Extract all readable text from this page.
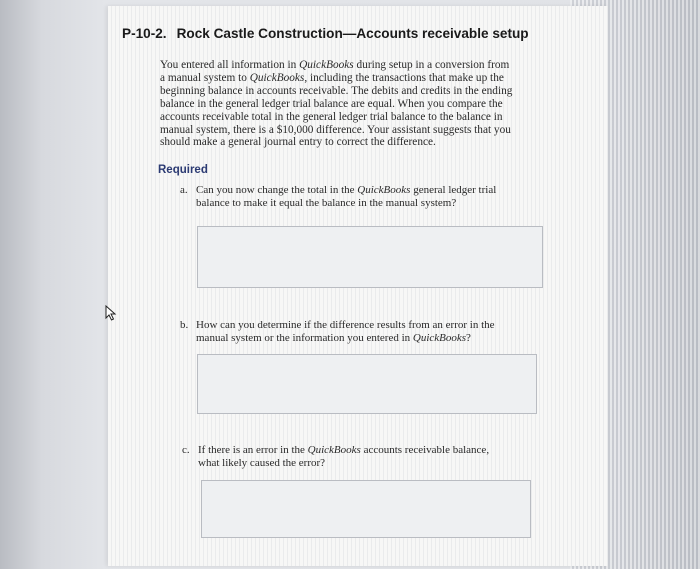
P-10-2. Rock Castle Construction—Accounts receivable setup
You entered all information in QuickBooks during setup in a conversion from
a manual system to QuickBooks, including the transactions that make up the
beginning balance in accounts receivable. The debits and credits in the ending
balance in the general ledger trial balance are equal. When you compare the
accounts receivable total in the general ledger trial balance to the balance in
manual system, there is a $10,000 difference. Your assistant suggests that you
should make a general journal entry to correct the difference.
Required
a. Can you now change the total in the QuickBooks general ledger trial
balance to make it equal the balance in the manual system?
b. How can you determine if the difference results from an error in the
manual system or the information you entered in QuickBooks?
c. If there is an error in the QuickBooks accounts receivable balance,
what likely caused the error?
